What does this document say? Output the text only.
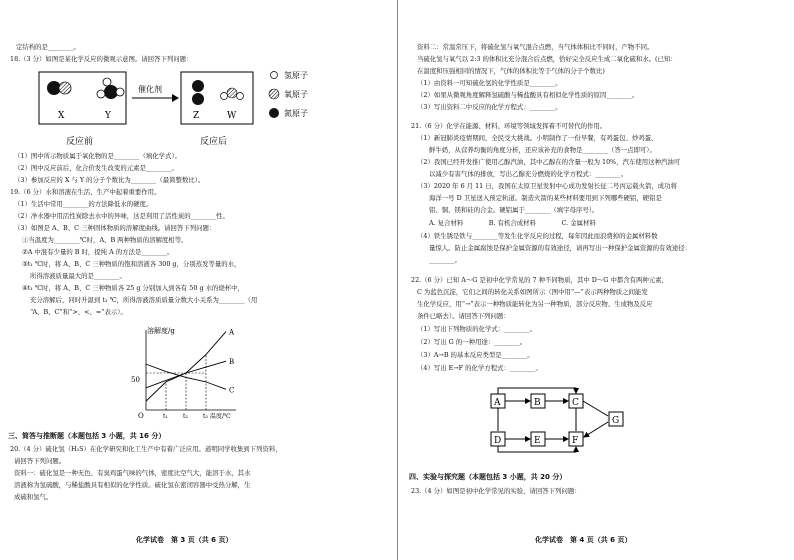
定结构的是________。
18.（3 分）如图是某化学反应的微观示意图。请回答下列问题：
X	Y
催化剂
Z	W
反应前	反应后
氢原子
氧原子
氮原子
（1）图中所示物质属于氧化物的是________（填化学式）。
（2）图中反应前后，化合价发生改变的元素是________。
（3）参加反应的 X 与 Y 的分子个数比为________（最简整数比）。
19.（6 分）水和溶液在生活、生产中起着重要作用。
（1）生活中常用________的方法降低水的硬度。
（2）净水器中用活性炭除去水中的异味，这是利用了活性炭的________性。
（3）如图是 A、B、C 三种固体物质的溶解度曲线。请回答下列问题：
①当温度为________℃时，A、B 两种物质的溶解度相等。
②A 中混有少量的 B 时，提纯 A 的方法是________。
③t₁ ℃时，将 A、B、C 三种物质的饱和溶液各 300 g，分别蒸发等量的水，
所得溶液质量最大的是________。
④t₁ ℃时，将 A、B、C 三种物质各 25 g 分别加入到各有 50 g 水的烧杯中，
充分溶解后，同时升温到 t₃ ℃，所得溶液溶质质量分数大小关系为________（用
“A、B、C”和“>、<、=”表示）。
溶解度/g
温度/℃
O
50
t₁	t₂	t₃
A
B
C
三、简答与推断题（本题包括 3 小题，共 16 分）
20.（4 分）硫化氢（H₂S）在化学研究和化工生产中有着广泛应用。道明同学收集到下列资料，
请回答下列问题。
资料一：硫化氢是一种无色、有臭鸡蛋气味的气体，密度比空气大，能溶于水，其水
溶液称为氢硫酸，与稀盐酸具有相似的化学性质。硫化氢在密闭容器中受热分解，生
成硫和氢气。
化学试卷　第 3 页（共 6 页）
资料二：常温常压下，将硫化氢与氧气混合点燃，当气体体积比不同时，产物不同。
当硫化氢与氧气以 2:3 的体积比充分混合后点燃，恰好完全反应生成二氧化硫和水。(已知：
在温度和压强相同的情况下，气体的体积比等于气体的分子个数比)
（1）由资料一可知硫化氢的化学性质是________。
（2）如果从微观角度解释氢硫酸与稀盐酸具有相似化学性质的原因________。
（3）写出资料二中反应的化学方程式：________。
21.（6 分）化学在能源、材料、环境等领域发挥着不可替代的作用。
（1）新冠肺炎疫情期间，全民受大挑战。小明制作了一份早餐，有鸡蛋包、炒鸡蛋、
鲜牛奶，从营养均衡的角度分析，还应该补充的食物是________（答一点即可）。
（2）我国已经开发推广使用乙醇汽油，其中乙醇在的含量一般为 10%，汽车使用这种汽油可
以减少有害气体的排放，写出乙醇充分燃烧的化学方程式：________。
（3）2020 年 6 月 11 日，我国在太原卫星发射中心成功发射长征二号丙运载火箭，成功将
海洋一号 D 卫星送入预定轨道。制造火箭的某些材料要用到下列哪些硬铝，硬铝是
铝、铜、镁和硅的合金。硬铝属于________（填字母序号）。
A. 复合材料　　　　B. 有机合成材料　　　　C. 金属材料
（4）铁生锈是铁与________等发生化学反应的过程，每年因此而浪费掉的金属材料数
量惊人。防止金属腐蚀是保护金属资源的有效途径，请再写出一种保护金属资源的有效途径：
________。
22.（6 分）已知 A～G 是初中化学常见的 7 种不同物质，其中 D～G 中都含有两种元素，
C 为蓝色沉淀，它们之间的转化关系如图所示（图中用“—”表示两种物质之间能发
生化学反应，用“→”表示一种物质能转化为另一种物质，部分反应物、生成物及反应
条件已略去）。请回答下列问题：
（1）写出下列物质的化学式：________。
（2）写出 G 的一种用途：________。
（3）A→B 的基本反应类型是________。
（4）写出 E→F 的化学方程式：________。
A	B	C
D	E	F
G
四、实验与探究题（本题包括 3 小题，共 20 分）
23.（4 分）如图是初中化学常见的实验，请回答下列问题：
化学试卷　第 4 页（共 6 页）
